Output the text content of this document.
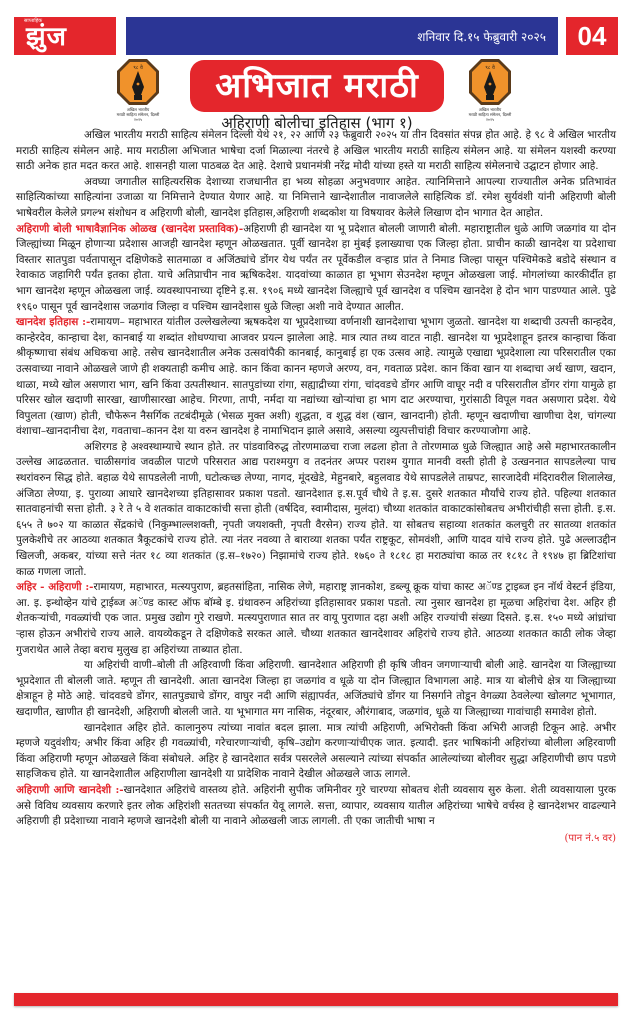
साप्ताहिक
झुंज	शनिवार दि.१५ फेब्रुवारी २०२५	04
९८ वे
अखिल भारतीय
मराठी साहित्य संमेलन, दिल्ली
२०२५
९८ वे
अखिल भारतीय
मराठी साहित्य संमेलन, दिल्ली
२०२५
अभिजात मराठी
अहिराणी बोलीचा इतिहास (भाग १)

अखिल भारतीय मराठी साहित्य संमेलन दिल्ली येथे २१, २२ आणि २३ फेब्रुवारी २०२५ या तीन दिवसांत संपन्न होत आहे. हे ९८ वे अखिल भारतीय मराठी साहित्य संमेलन आहे. माय मराठीला अभिजात भाषेचा दर्जा मिळाल्या नंतरचे हे अखिल भारतीय मराठी साहित्य संमेलन आहे. या संमेलन यशस्वी करण्या साठी अनेक हात मदत करत आहे. शासनही याला पाठबळ देत आहे. देशाचे प्रधानमंत्री नरेंद्र मोदी यांच्या हस्ते या मराठी साहित्य संमेलनाचे उद्घाटन होणार आहे.

अवघ्या जगातील साहित्यरसिक देशाच्या राजधानीत हा भव्य सोहळा अनुभवणार आहेत. त्यानिमित्ताने आपल्या राज्यातील अनेक प्रतिभावंत साहित्यिकांच्या साहित्यांना उजाळा या निमित्ताने देण्यात येणार आहे. या निमित्ताने खान्देशातील नावाजलेले साहित्यिक डॉ. रमेश सुर्यवंशी यांनी अहिराणी बोली भाषेवरील केलेले प्रगल्भ संशोधन व अहिराणी बोली, खानदेश इतिहास,अहिराणी शब्दकोश या विषयावर केलेले लिखाण दोन भागात देत आहोत.

अहिराणी बोली भाषावैज्ञानिक ओळख (खानदेश प्रस्ताविक)-अहिराणी ही खानदेश या भू प्रदेशात बोलली जाणारी बोली. महाराष्ट्रातील धुळे आणि जळगांव या दोन जिल्ह्यांच्या मिळून होणाऱ्या प्रदेशास आजही खानदेश म्हणून ओळखतात. पूर्वी खानदेश हा मुंबई इलाख्याचा एक जिल्हा होता. प्राचीन काळी खानदेश या प्रदेशाचा विस्तार सातपुडा पर्वतापासून दक्षिणेकडे सातमाळा व अजिंठ्यांचे डोंगर येथ पर्यंत तर पूर्वेकडील वऱ्हाड प्रांत ते निमाड जिल्हा पासून पश्चिमेकडे बडोदे संस्थान व रेवाकाठ जहागिरी पर्यंत इतका होता. याचे अतिप्राचीन नाव ऋषिकदेश. यादवांच्या काळात हा भूभाग सेउनदेश म्हणून ओळखला जाई. मोगलांच्या कारकीर्दीत हा भाग खानदेश म्हणून ओळखला जाई. व्यवस्थापनाच्या दृष्टिने इ.स. १९०६ मध्ये खानदेश जिल्ह्याचे पूर्व खानदेश व पश्चिम खानदेश हे दोन भाग पाडण्यात आले. पुढे १९६० पासून पूर्व खानदेशास जळगांव जिल्हा व पश्चिम खानदेशास धुळे जिल्हा अशी नावे देण्यात आलीत.

खानदेश इतिहास :-रामायण– महाभारत यांतील उल्लेखलेल्या ऋषकदेश या भूप्रदेशाच्या वर्णनाशी खानदेशाचा भूभाग जुळतो. खानदेश या शब्दाची उत्पत्ती कान्हदेव, कान्हेरदेव, कान्हाचा देश, कानबाई या शब्दांत शोधण्याचा आजवर प्रयत्न झालेला आहे. मात्र त्यात तथ्य वाटत नाही. खानदेश या भूप्रदेशाहून इतरत्र कान्हाचा किंवा श्रीकृष्णाचा संबंध अधिकचा आहे. तसेच खानदेशातील अनेक उत्सवांपैकी कानबाई, कानुबाई हा एक उत्सव आहे. त्यामुळे एखाद्या भूप्रदेशाला त्या परिसरातील एका उत्सवाच्या नावाने ओळखले जाणे ही शक्यताही कमीच आहे. कान किंवा कानन म्हणजे अरण्य, वन, गवताळ प्रदेश. कान किंवा खान या शब्दाचा अर्थ खाण, खदान, थाळा, मध्ये खोल असणारा भाग, खनि किंवा उत्पतीस्थान. सातपुडांच्या रांगा, सह्याद्रीच्या रांगा, चांदवडचे डोंगर आणि वाघूर नदी व परिसरातील डोंगर रांगा यामुळे हा परिसर खोल खदाणी सारखा, खाणीसारखा आहेच. गिरणा, तापी, नर्मदा या नद्यांच्या खोऱ्यांचा हा भाग दाट अरण्याचा, गुरांसाठी विपूल गवत असणारा प्रदेश. येथे विपुलता (खाण) होती, चौफेरून नैसर्गिक तटबंदीमूळे (भेसळ मुक्त अशी) शुद्धता, व शुद्ध वंश (खान, खानदानी) होती. म्हणून खदाणीचा खाणीचा देश, चांगल्या वंशाचा–खानदानीचा देश, गवताचा–कानन देश या वरुन खानदेश हे नामाभिदान झाले असावे, असल्या व्युत्पत्तीचांही विचार करण्याजोगा आहे.

अशिरगड हे अश्वस्थाम्याचे स्थान होते. तर पांडवाविरुद्ध तोरणमाळचा राजा लढला होता ते तोरणमाळ धुळे जिल्ह्यात आहे असे महाभारतकालीन उल्लेख आढळतात. चाळीसगांव जवळील पाटणे परिसरात आद्य पराश्मयुग व तदनंतर अप्पर पराश्म युगात मानवी वस्ती होती हे उत्खननात सापडलेल्या पाच स्थरांवरुन सिद्ध होते. बहाळ येथे सापडलेली नाणी, घटोत्कच्छ लेण्या, नागद, मूंदखेडे, मेहुनबारे, बहुलवाड येथे सापडलेले ताम्रपट, सारजादेवी मंदिरावरील शिलालेख, अंजिठा लेण्या, इ. पुराव्या आधारे खानदेशच्या इतिहासावर प्रकाश पडतो. खानदेशात इ.स.पूर्व चौथे ते इ.स. दुसरे शतकात मौर्यांचे राज्य होते. पहिल्या शतकात सातवाहनांची सत्ता होती. ३ रे ते ५ वे शतकांत वाकाटकांची सत्ता होती (वर्षदिव, स्वामीदास, मुलंदा) चौथ्या शतकांत वाकाटकांसोबतच अभीरांचीही सत्ता होती. इ.स. ६५५ ते ७०२ या काळात सेंद्रकांचे (निकुम्भाल्लशक्ती, नृपती जयशक्ती, नृपती वैरसेन) राज्य होते. या सोबतच सहाव्या शतकांत कलचुरी तर सातव्या शतकांत पुलकेशीचे तर आठव्या शतकात त्रैकूटकांचे राज्य होते. त्या नंतर नवव्या ते बाराव्या शतका पर्यंत राष्ट्रकूट, सोमवंशी, आणि यादव यांचे राज्य होते. पुढे अल्लाउद्दीन खिलजी, अकबर, यांच्या सत्ते नंतर १८ व्या शतकांत (इ.स–१७२०) निझामांचे राज्य होते. १७६० ते १८१८ हा मराठ्यांचा काळ तर १८१८ ते १९४७ हा ब्रिटिशांचा काळ गणला जातो.

अहिर - अहिराणी :-रामायण, महाभारत, मत्स्यपुराण, ब्रहतसांहिता, नासिक लेणे, महाराष्ट्र ज्ञानकोश, डब्ल्यू क्रूक यांचा कास्ट अॅण्ड ट्राइब्ज इन नॉर्थ वेस्टर्न इंडिया, आ. इ. इन्थोव्हेन यांचे ट्राईब्ज अॅण्ड कास्ट ऑफ बॉम्बे इ. ग्रंथावरुन अहिरांच्या इतिहासावर प्रकाश पडतो. त्या नुसार खानदेश हा मूळचा अहिरांचा देश. अहिर ही शेतकऱ्यांची, गवळ्यांची एक जात. प्रमुख उद्योग गुरे राखणे. मत्स्यपुराणात सात तर वायू पुराणात दहा अशी अहिर राज्यांची संख्या दिसते. इ.स. १५० मध्ये आंध्रांचा ऱ्हास होऊन अभीरांचे राज्य आले. वायव्येकडून ते दक्षिणेकडे सरकत आले. चौथ्या शतकात खानदेशावर अहिरांचे राज्य होते. आठव्या शतकात काठी लोक जेव्हा गुजराथेत आले तेव्हा बराच मुलुख हा अहिरांच्या ताब्यात होता.

या अहिरांची वाणी–बोली ती अहिरवाणी किंवा अहिराणी. खानदेशात अहिराणी ही कृषि जीवन जगणाऱ्याची बोली आहे. खानदेश या जिल्ह्याच्या भूप्रदेशात ती बोलली जाते. म्हणून ती खानदेशी. आता खानदेश जिल्हा हा जळगांव व धूळे या दोन जिल्ह्यात विभागला आहे. मात्र या बोलीचे क्षेत्र या जिल्ह्याच्या क्षेत्राहून हे मोठे आहे. चांदवडचे डोंगर, सातपुड्याचे डोंगर, वाघुर नदी आणि संह्यापर्वत, अजिंठ्यांचे डोंगर या निसर्गाने तोडून वेगळ्या ठेवलेल्या खोलगट भूभागात, खदाणीत, खाणीत ही खानदेशी, अहिराणी बोलली जाते. या भूभागात मग नासिक, नंदूरबार, औरंगाबाद, जळगांव, धूळे या जिल्ह्याच्या गावांचाही समावेश होतो.

खानदेशात अहिर होते. कालानुरुप त्यांच्या नावांत बदल झाला. मात्र त्यांची अहिराणी, अभिरोक्ती किंवा अभिरी आजही टिकून आहे. अभीर म्हणजे यदुवंशीय; अभीर किंवा अहिर ही गवळ्यांची, गरेचारणाऱ्यांची, कृषि–उद्योग करणाऱ्यांचीएक जात. इत्यादी. इतर भाषिकांनी अहिरांच्या बोलीला अहिरवाणी किंवा अहिराणी म्हणून ओळखले किंवा संबोधले. अहिर हे खानदेशात सर्वत्र पसरलेले असल्याने त्यांच्या संपर्कात आलेल्यांच्या बोलीवर सुद्धा अहिराणीची छाप पडणे साहजिकच होते. या खानदेशातील अहिराणीला खानदेशी या प्रादेशिक नावाने देखील ओळखले जाऊ लागले.

अहिराणी आणि खानदेशी :-खानदेशात अहिरांचे वास्तव्य होते. अहिरांनी सुपीक जमिनीवर गुरे चारण्या सोबतच शेती व्यवसाय सुरु केला. शेती व्यवसायाला पुरक असे विविध व्यवसाय करणारे इतर लोक अहिरांशी सततच्या संपर्कात येवू लागले. सत्ता, व्यापार, व्यवसाय यातील अहिरांच्या भाषेचे वर्चस्व हे खानदेशभर वाढल्याने अहिराणी ही प्रदेशाच्या नावाने म्हणजे खानदेशी बोली या नावाने ओळखली जाऊ लागली. ती एका जातीची भाषा न

(पान नं.५ वर)
